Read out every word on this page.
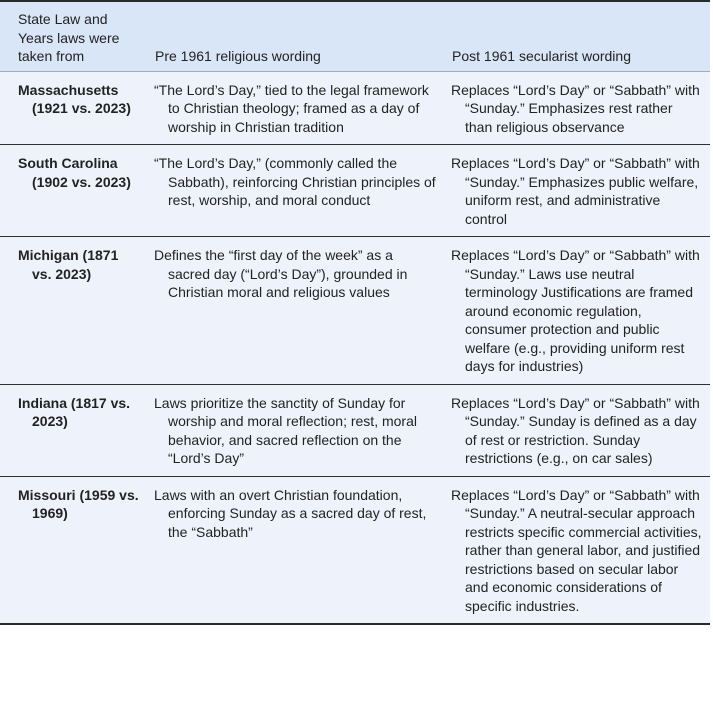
State Law and Years laws were taken from	Pre 1961 religious wording	Post 1961 secularist wording

Massachusetts (1921 vs. 2023)	“The Lord’s Day,” tied to the legal framework to Christian theology; framed as a day of worship in Christian tradition	Replaces “Lord’s Day” or “Sabbath” with “Sunday.” Emphasizes rest rather than religious observance

South Carolina (1902 vs. 2023)	“The Lord’s Day,” (commonly called the Sabbath), reinforcing Christian principles of rest, worship, and moral conduct	Replaces “Lord’s Day” or “Sabbath” with “Sunday.” Emphasizes public welfare, uniform rest, and administrative control

Michigan (1871 vs. 2023)	Defines the “first day of the week” as a sacred day (“Lord’s Day”), grounded in Christian moral and religious values	Replaces “Lord’s Day” or “Sabbath” with “Sunday.” Laws use neutral terminology Justifications are framed around economic regulation, consumer protection and public welfare (e.g., providing uniform rest days for industries)

Indiana (1817 vs. 2023)	Laws prioritize the sanctity of Sunday for worship and moral reflection; rest, moral behavior, and sacred reflection on the “Lord’s Day”	Replaces “Lord’s Day” or “Sabbath” with “Sunday.” Sunday is defined as a day of rest or restriction. Sunday restrictions (e.g., on car sales)

Missouri (1959 vs. 1969)	Laws with an overt Christian foundation, enforcing Sunday as a sacred day of rest, the “Sabbath”	Replaces “Lord’s Day” or “Sabbath” with “Sunday.” A neutral-secular approach restricts specific commercial activities, rather than general labor, and justified restrictions based on secular labor and economic considerations of specific industries.
